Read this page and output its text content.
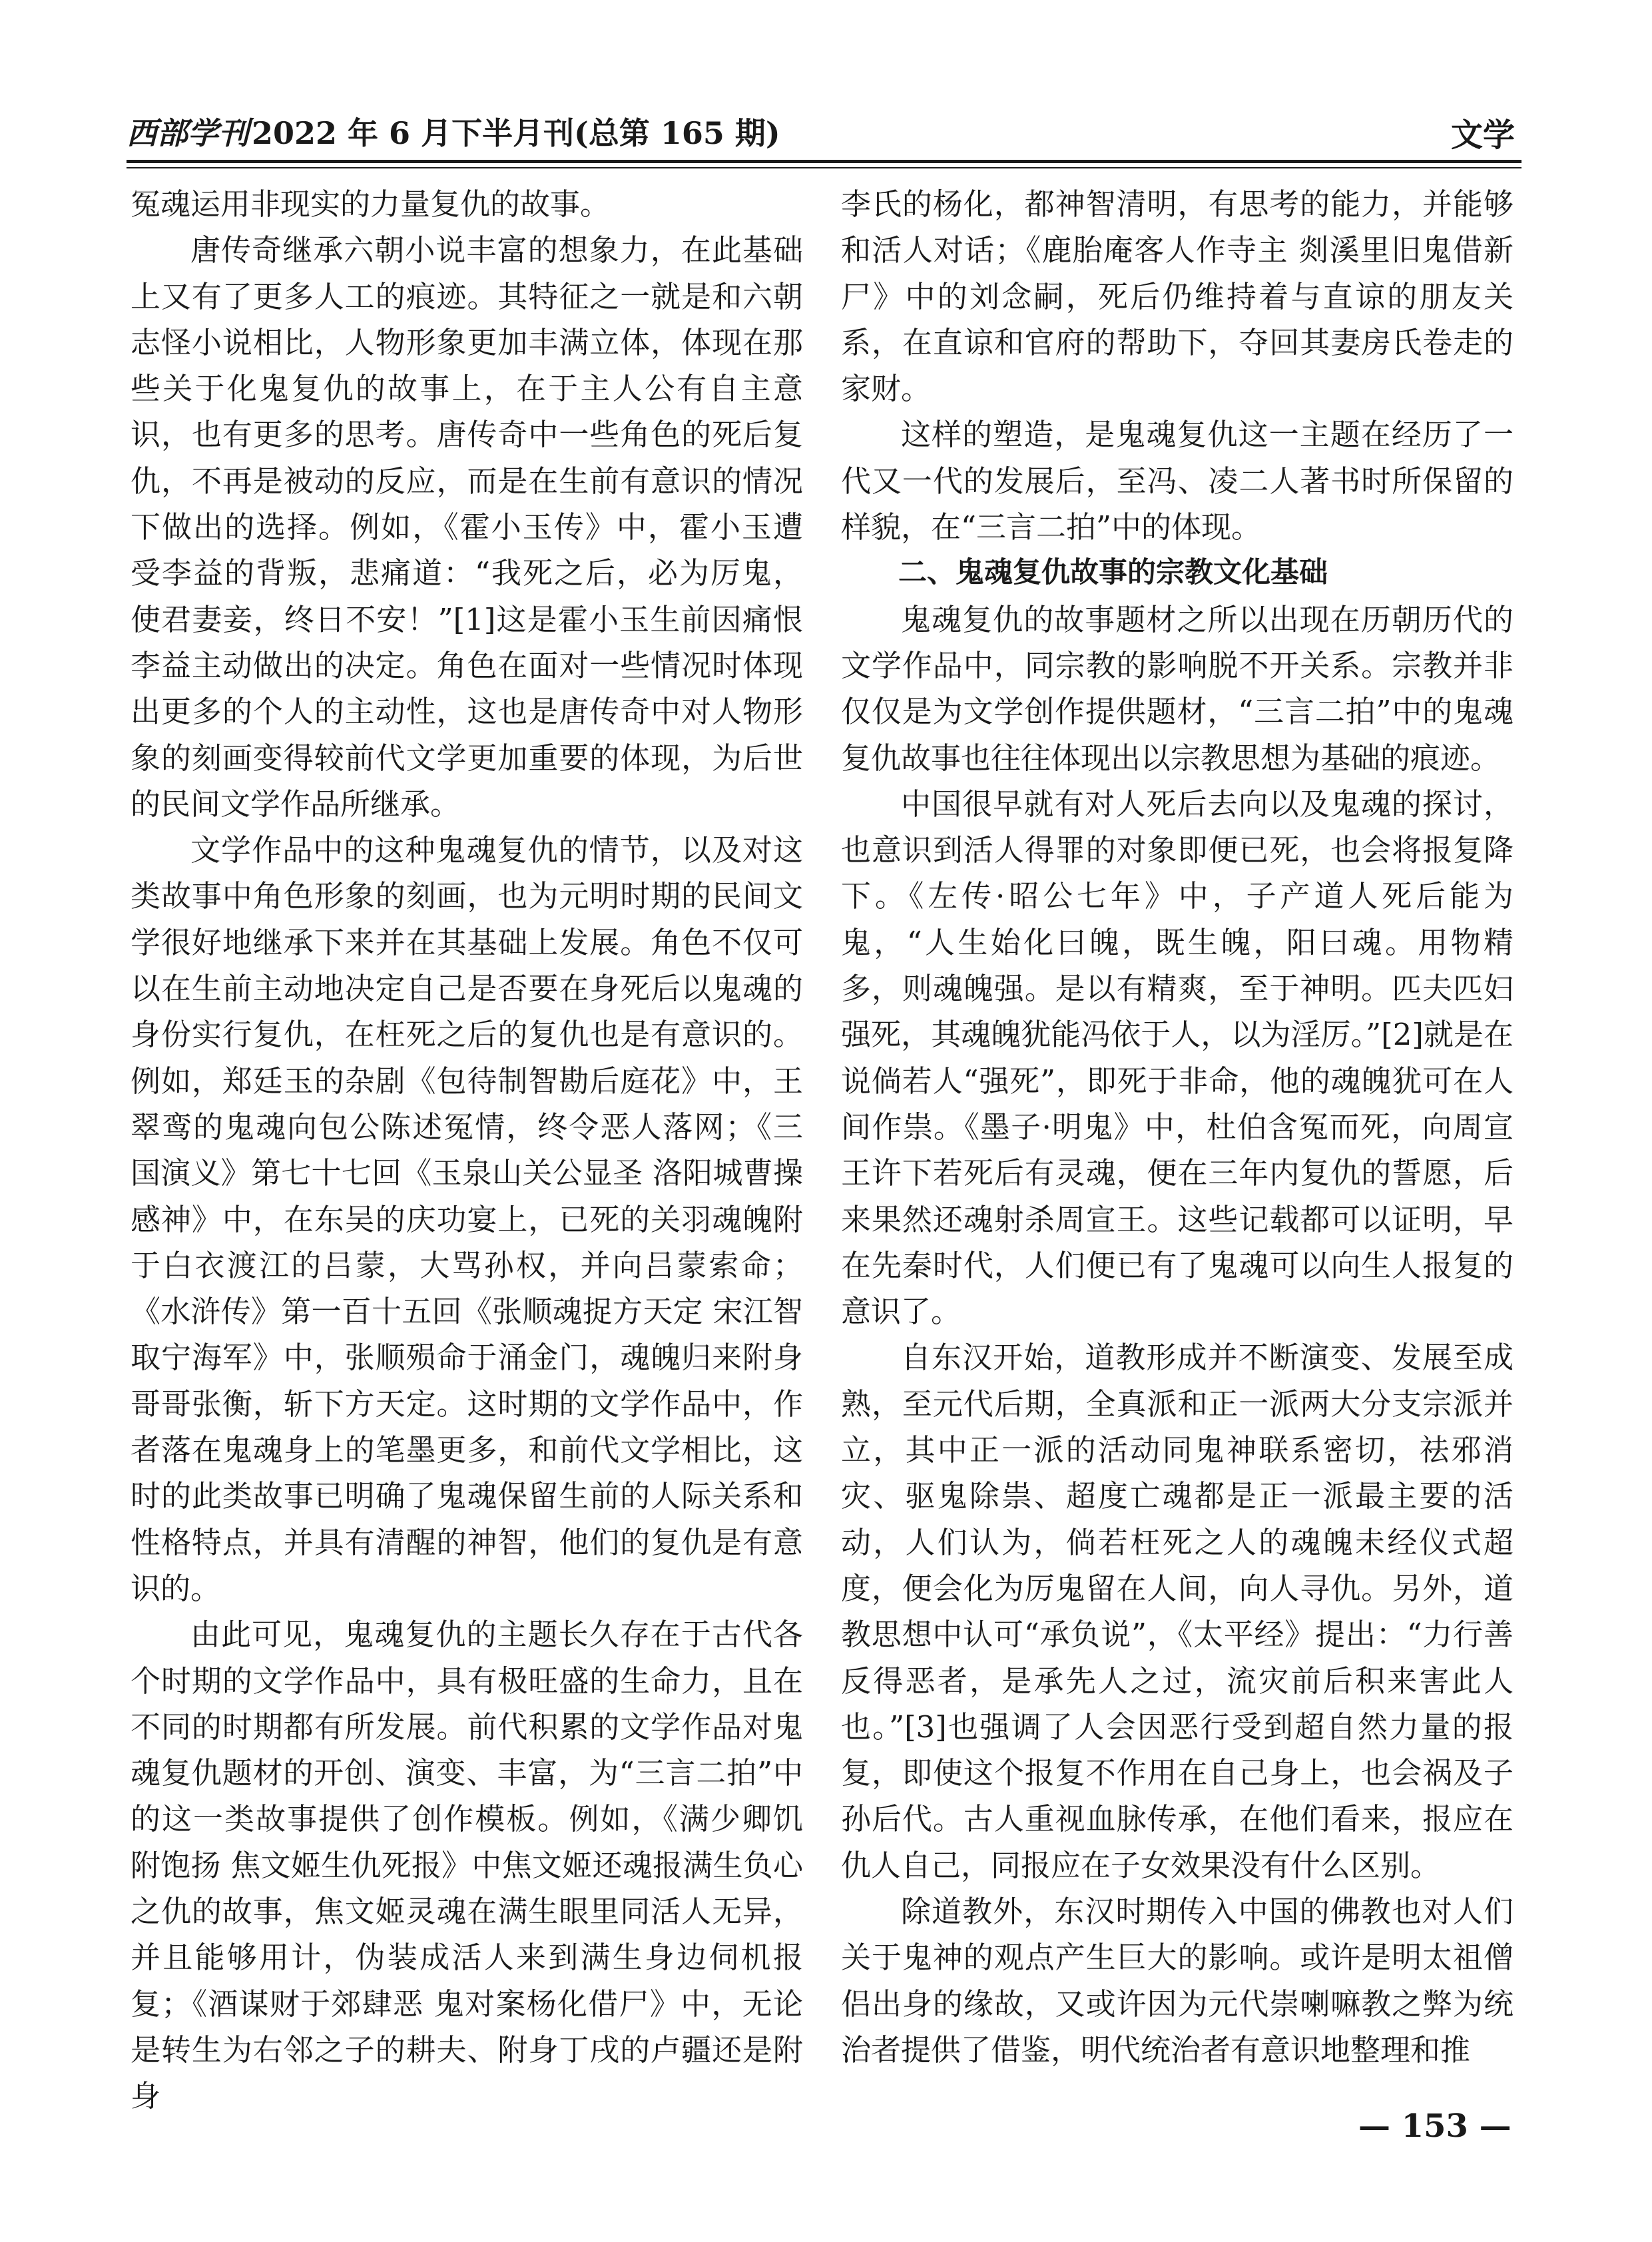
西部学刊2022 年 6 月下半月刊(总第 165 期)	文学

冤魂运用非现实的力量复仇的故事。

唐传奇继承六朝小说丰富的想象力，在此基础上又有了更多人工的痕迹。其特征之一就是和六朝志怪小说相比，人物形象更加丰满立体，体现在那些关于化鬼复仇的故事上，在于主人公有自主意识，也有更多的思考。唐传奇中一些角色的死后复仇，不再是被动的反应，而是在生前有意识的情况下做出的选择。例如，《霍小玉传》中，霍小玉遭受李益的背叛，悲痛道：“我死之后，必为厉鬼，使君妻妾，终日不安！”[1]这是霍小玉生前因痛恨李益主动做出的决定。角色在面对一些情况时体现出更多的个人的主动性，这也是唐传奇中对人物形象的刻画变得较前代文学更加重要的体现，为后世的民间文学作品所继承。

文学作品中的这种鬼魂复仇的情节，以及对这类故事中角色形象的刻画，也为元明时期的民间文学很好地继承下来并在其基础上发展。角色不仅可以在生前主动地决定自己是否要在身死后以鬼魂的身份实行复仇，在枉死之后的复仇也是有意识的。例如，郑廷玉的杂剧《包待制智勘后庭花》中，王翠鸾的鬼魂向包公陈述冤情，终令恶人落网；《三国演义》第七十七回《玉泉山关公显圣 洛阳城曹操感神》中，在东吴的庆功宴上，已死的关羽魂魄附于白衣渡江的吕蒙，大骂孙权，并向吕蒙索命；《水浒传》第一百十五回《张顺魂捉方天定 宋江智取宁海军》中，张顺殒命于涌金门，魂魄归来附身哥哥张衡，斩下方天定。这时期的文学作品中，作者落在鬼魂身上的笔墨更多，和前代文学相比，这时的此类故事已明确了鬼魂保留生前的人际关系和性格特点，并具有清醒的神智，他们的复仇是有意识的。

由此可见，鬼魂复仇的主题长久存在于古代各个时期的文学作品中，具有极旺盛的生命力，且在不同的时期都有所发展。前代积累的文学作品对鬼魂复仇题材的开创、演变、丰富，为“三言二拍”中的这一类故事提供了创作模板。例如，《满少卿饥附饱扬 焦文姬生仇死报》中焦文姬还魂报满生负心之仇的故事，焦文姬灵魂在满生眼里同活人无异，并且能够用计，伪装成活人来到满生身边伺机报复；《酒谋财于郊肆恶 鬼对案杨化借尸》中，无论是转生为右邻之子的耕夫、附身丁戌的卢疆还是附身

李氏的杨化，都神智清明，有思考的能力，并能够和活人对话；《鹿胎庵客人作寺主 剡溪里旧鬼借新尸》中的刘念嗣，死后仍维持着与直谅的朋友关系，在直谅和官府的帮助下，夺回其妻房氏卷走的家财。

这样的塑造，是鬼魂复仇这一主题在经历了一代又一代的发展后，至冯、凌二人著书时所保留的样貌，在“三言二拍”中的体现。

二、鬼魂复仇故事的宗教文化基础

鬼魂复仇的故事题材之所以出现在历朝历代的文学作品中，同宗教的影响脱不开关系。宗教并非仅仅是为文学创作提供题材，“三言二拍”中的鬼魂复仇故事也往往体现出以宗教思想为基础的痕迹。

中国很早就有对人死后去向以及鬼魂的探讨，也意识到活人得罪的对象即便已死，也会将报复降下。《左传·昭公七年》中，子产道人死后能为鬼，“人生始化曰魄，既生魄，阳曰魂。用物精多，则魂魄强。是以有精爽，至于神明。匹夫匹妇强死，其魂魄犹能冯依于人，以为淫厉。”[2]就是在说倘若人“强死”，即死于非命，他的魂魄犹可在人间作祟。《墨子·明鬼》中，杜伯含冤而死，向周宣王许下若死后有灵魂，便在三年内复仇的誓愿，后来果然还魂射杀周宣王。这些记载都可以证明，早在先秦时代，人们便已有了鬼魂可以向生人报复的意识了。

自东汉开始，道教形成并不断演变、发展至成熟，至元代后期，全真派和正一派两大分支宗派并立，其中正一派的活动同鬼神联系密切，祛邪消灾、驱鬼除祟、超度亡魂都是正一派最主要的活动，人们认为，倘若枉死之人的魂魄未经仪式超度，便会化为厉鬼留在人间，向人寻仇。另外，道教思想中认可“承负说”，《太平经》提出：“力行善反得恶者，是承先人之过，流灾前后积来害此人也。”[3]也强调了人会因恶行受到超自然力量的报复，即使这个报复不作用在自己身上，也会祸及子孙后代。古人重视血脉传承，在他们看来，报应在仇人自己，同报应在子女效果没有什么区别。

除道教外，东汉时期传入中国的佛教也对人们关于鬼神的观点产生巨大的影响。或许是明太祖僧侣出身的缘故，又或许因为元代崇喇嘛教之弊为统治者提供了借鉴，明代统治者有意识地整理和推

— 153 —
